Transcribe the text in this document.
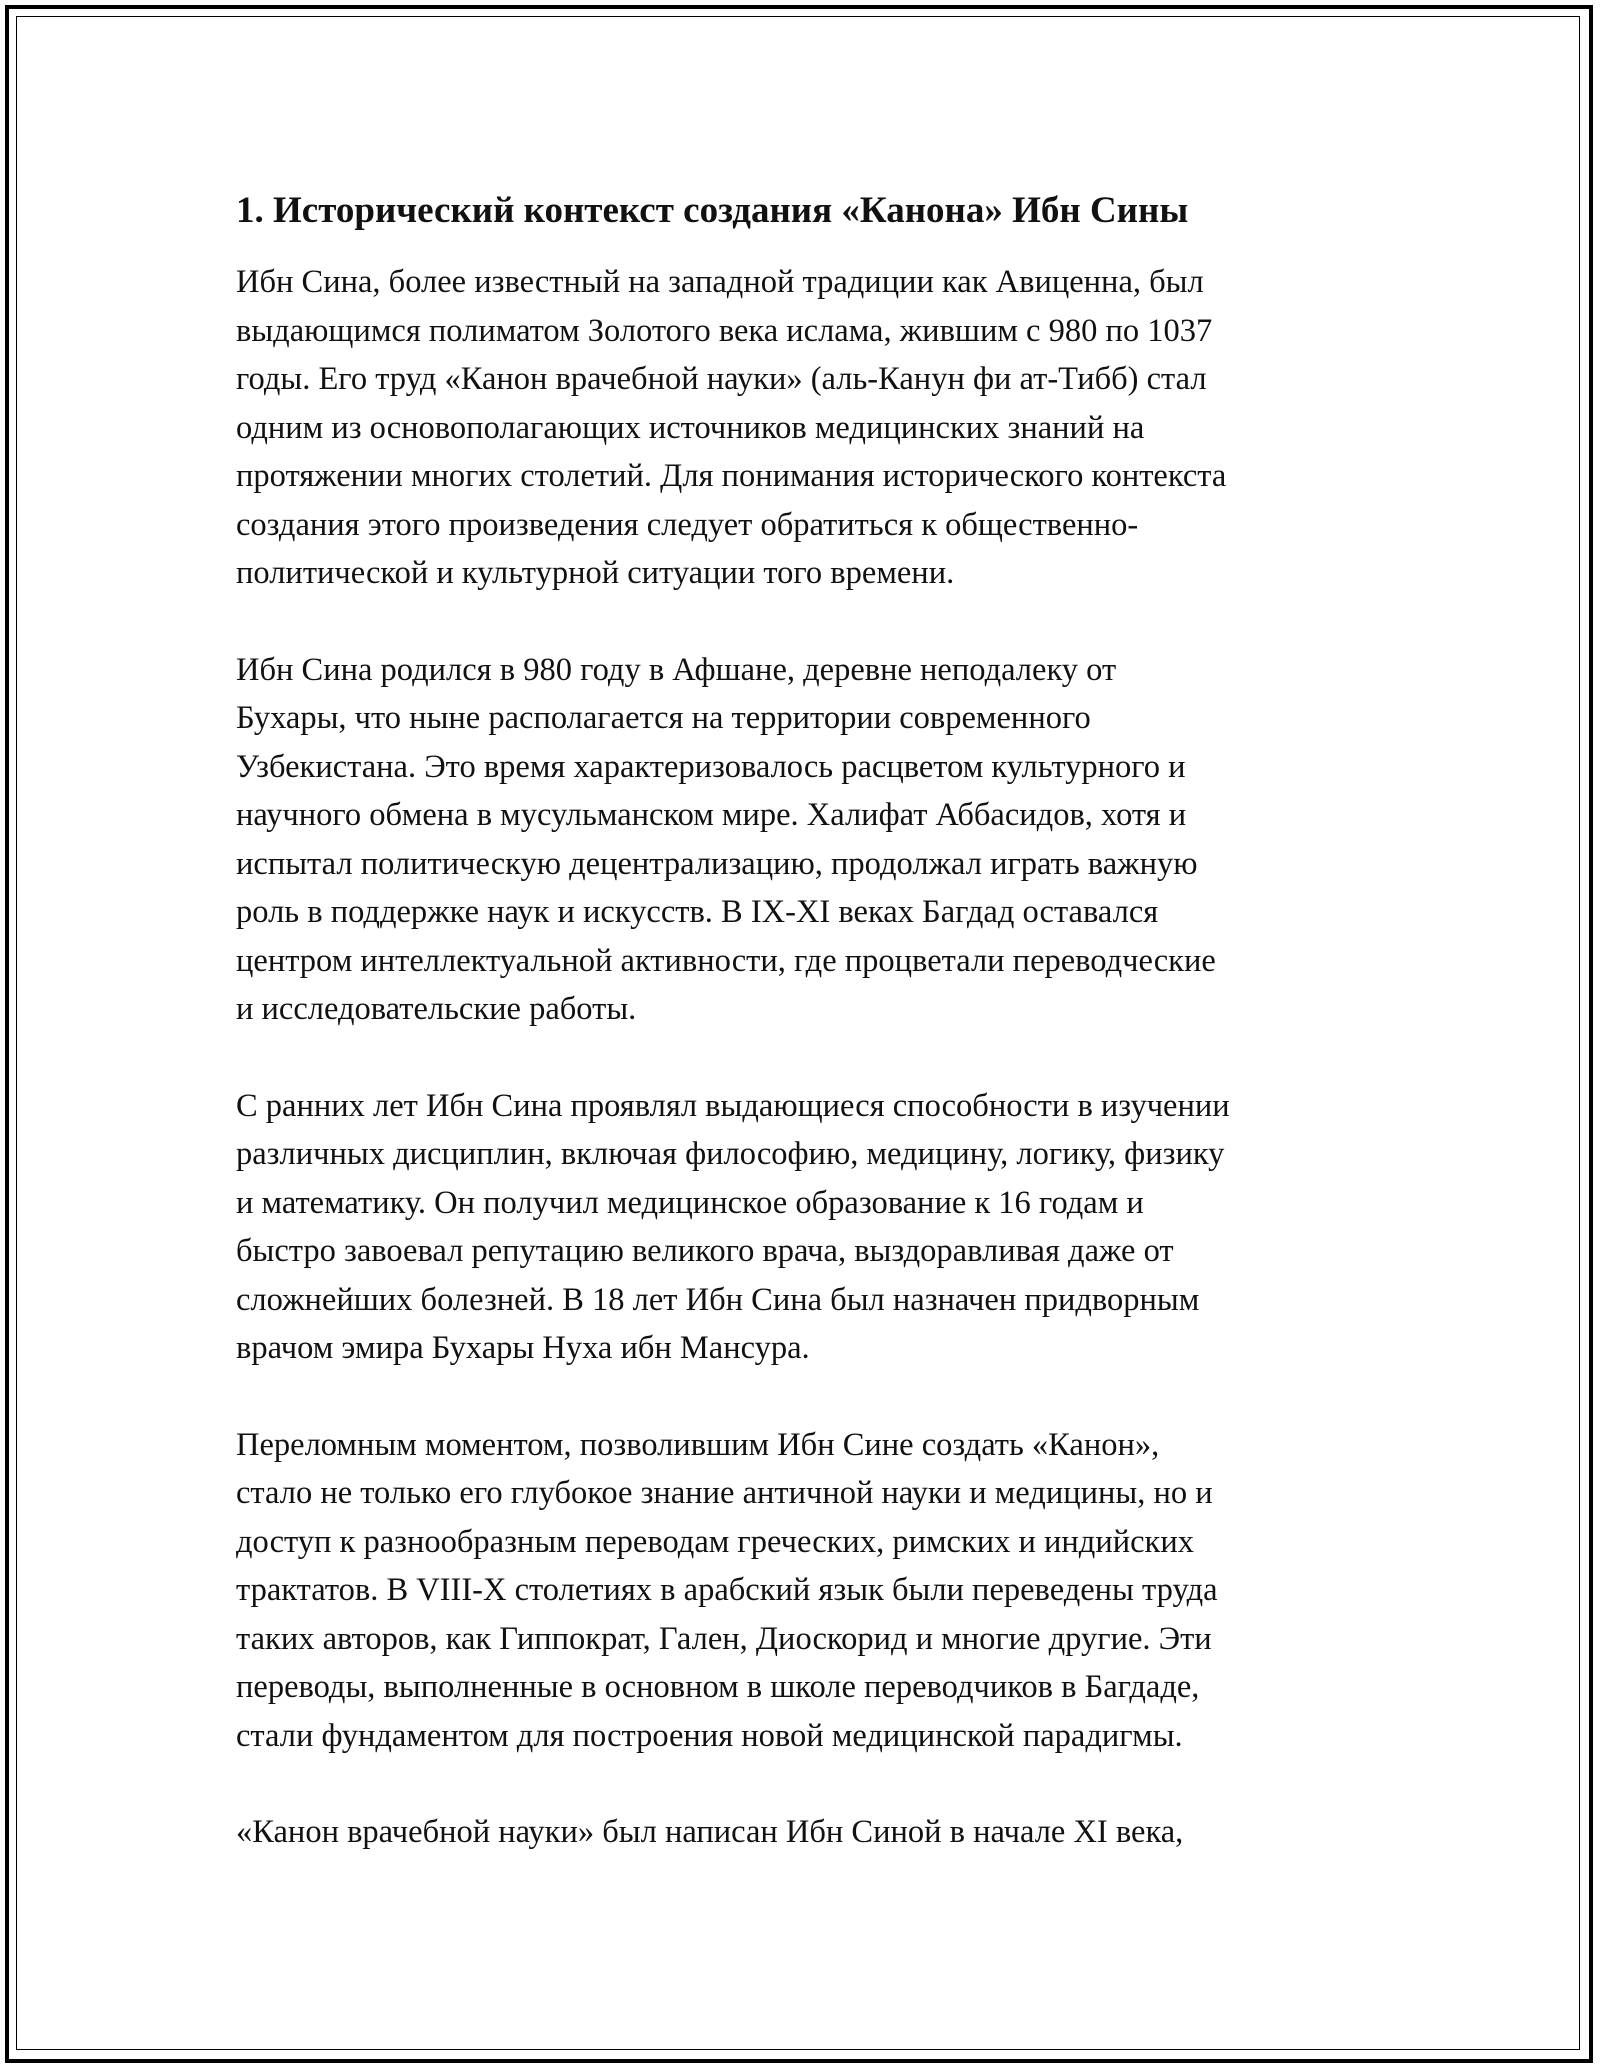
1. Исторический контекст создания «Канона» Ибн Сины

Ибн Сина, более известный на западной традиции как Авиценна, был
выдающимся полиматом Золотого века ислама, жившим с 980 по 1037
годы. Его труд «Канон врачебной науки» (аль-Канун фи ат-Тибб) стал
одним из основополагающих источников медицинских знаний на
протяжении многих столетий. Для понимания исторического контекста
создания этого произведения следует обратиться к общественно-
политической и культурной ситуации того времени.

Ибн Сина родился в 980 году в Афшане, деревне неподалеку от
Бухары, что ныне располагается на территории современного
Узбекистана. Это время характеризовалось расцветом культурного и
научного обмена в мусульманском мире. Халифат Аббасидов, хотя и
испытал политическую децентрализацию, продолжал играть важную
роль в поддержке наук и искусств. В IX-XI веках Багдад оставался
центром интеллектуальной активности, где процветали переводческие
и исследовательские работы.

С ранних лет Ибн Сина проявлял выдающиеся способности в изучении
различных дисциплин, включая философию, медицину, логику, физику
и математику. Он получил медицинское образование к 16 годам и
быстро завоевал репутацию великого врача, выздоравливая даже от
сложнейших болезней. В 18 лет Ибн Сина был назначен придворным
врачом эмира Бухары Нуха ибн Мансура.

Переломным моментом, позволившим Ибн Сине создать «Канон»,
стало не только его глубокое знание античной науки и медицины, но и
доступ к разнообразным переводам греческих, римских и индийских
трактатов. В VIII-X столетиях в арабский язык были переведены труда
таких авторов, как Гиппократ, Гален, Диоскорид и многие другие. Эти
переводы, выполненные в основном в школе переводчиков в Багдаде,
стали фундаментом для построения новой медицинской парадигмы.

«Канон врачебной науки» был написан Ибн Синой в начале XI века,
